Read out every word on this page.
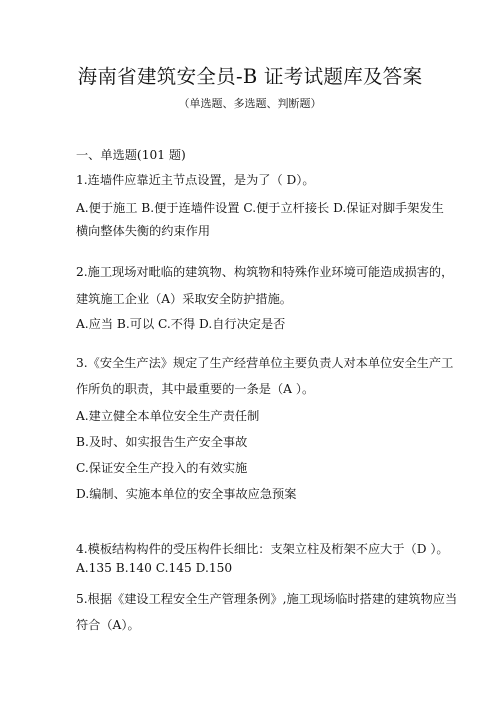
海南省建筑安全员-B 证考试题库及答案
（单选题、多选题、判断题）
一、单选题(101 题)
1.连墙件应靠近主节点设置，是为了（ D）。
A.便于施工 B.便于连墙件设置 C.便于立杆接长 D.保证对脚手架发生
横向整体失衡的约束作用
2.施工现场对毗临的建筑物、构筑物和特殊作业环境可能造成损害的，
建筑施工企业（A）采取安全防护措施。
A.应当 B.可以 C.不得 D.自行决定是否
3.《安全生产法》规定了生产经营单位主要负责人对本单位安全生产工
作所负的职责，其中最重要的一条是（A ）。
A.建立健全本单位安全生产责任制
B.及时、如实报告生产安全事故
C.保证安全生产投入的有效实施
D.编制、实施本单位的安全事故应急预案
4.模板结构构件的受压构件长细比：支架立柱及桁架不应大于（D ）。
A.135 B.140 C.145 D.150
5.根据《建设工程安全生产管理条例》,施工现场临时搭建的建筑物应当
符合（A）。
